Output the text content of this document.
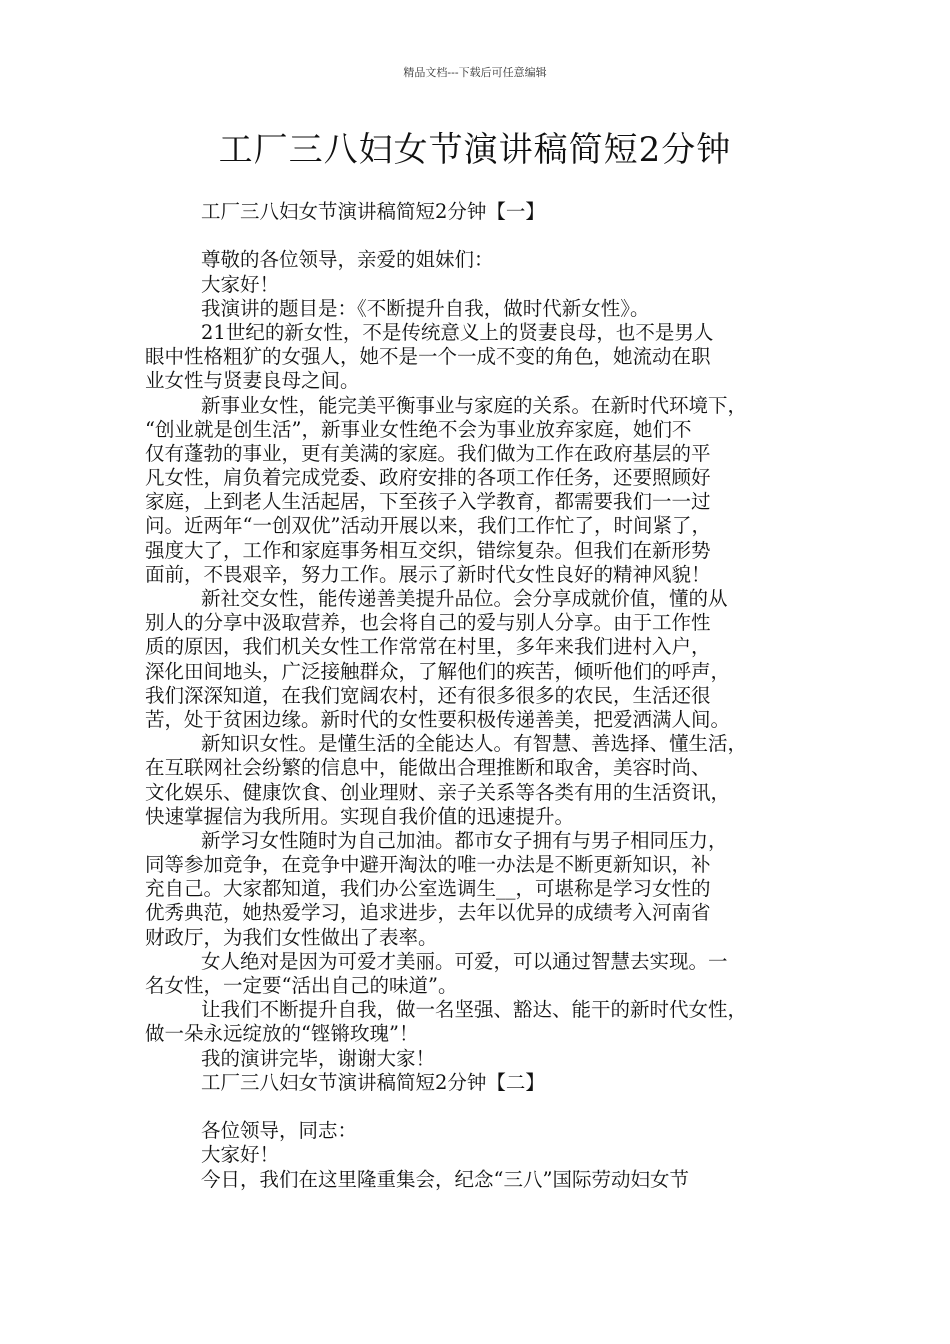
精品文档---下载后可任意编辑
工厂三八妇女节演讲稿简短2分钟
工厂三八妇女节演讲稿简短2分钟【一】
尊敬的各位领导，亲爱的姐妹们：
大家好！
我演讲的题目是：《不断提升自我，做时代新女性》。
21世纪的新女性，不是传统意义上的贤妻良母，也不是男人
眼中性格粗犷的女强人，她不是一个一成不变的角色，她流动在职
业女性与贤妻良母之间。
新事业女性，能完美平衡事业与家庭的关系。在新时代环境下，
“创业就是创生活”，新事业女性绝不会为事业放弃家庭，她们不
仅有蓬勃的事业，更有美满的家庭。我们做为工作在政府基层的平
凡女性，肩负着完成党委、政府安排的各项工作任务，还要照顾好
家庭，上到老人生活起居，下至孩子入学教育，都需要我们一一过
问。近两年“一创双优”活动开展以来，我们工作忙了，时间紧了，
强度大了，工作和家庭事务相互交织，错综复杂。但我们在新形势
面前，不畏艰辛，努力工作。展示了新时代女性良好的精神风貌！
新社交女性，能传递善美提升品位。会分享成就价值，懂的从
别人的分享中汲取营养，也会将自己的爱与别人分享。由于工作性
质的原因，我们机关女性工作常常在村里，多年来我们进村入户，
深化田间地头，广泛接触群众，了解他们的疾苦，倾听他们的呼声，
我们深深知道，在我们宽阔农村，还有很多很多的农民，生活还很
苦，处于贫困边缘。新时代的女性要积极传递善美，把爱洒满人间。
新知识女性。是懂生活的全能达人。有智慧、善选择、懂生活，
在互联网社会纷繁的信息中，能做出合理推断和取舍，美容时尚、
文化娱乐、健康饮食、创业理财、亲子关系等各类有用的生活资讯，
快速掌握信为我所用。实现自我价值的迅速提升。
新学习女性随时为自己加油。都市女子拥有与男子相同压力，
同等参加竞争，在竞争中避开淘汰的唯一办法是不断更新知识，补
充自己。大家都知道，我们办公室选调生__，可堪称是学习女性的
优秀典范，她热爱学习，追求进步，去年以优异的成绩考入河南省
财政厅，为我们女性做出了表率。
女人绝对是因为可爱才美丽。可爱，可以通过智慧去实现。一
名女性，一定要“活出自己的味道”。
让我们不断提升自我，做一名坚强、豁达、能干的新时代女性，
做一朵永远绽放的“铿锵玫瑰”！
我的演讲完毕，谢谢大家！
工厂三八妇女节演讲稿简短2分钟【二】
各位领导，同志：
大家好！
今日，我们在这里隆重集会，纪念“三八”国际劳动妇女节
